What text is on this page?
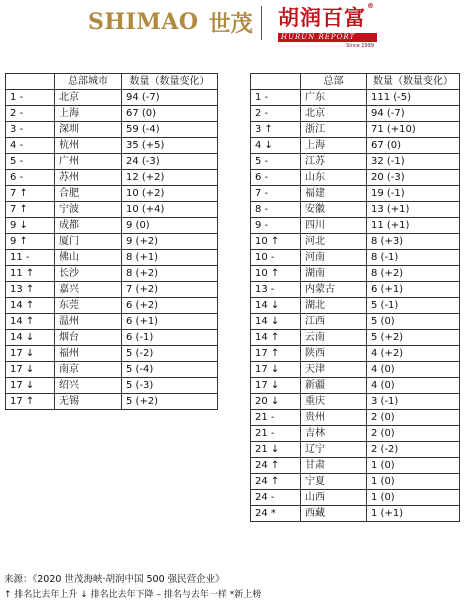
SHIMAO 世茂 胡润百富 ®
HURUN REPORT
Since 1999
	总部城市	数量（数量变化）
1 -	北京	94 (-7)
2 -	上海	67 (0)
3 -	深圳	59 (-4)
4 -	杭州	35 (+5)
5 -	广州	24 (-3)
6 -	苏州	12 (+2)
7 ↑	合肥	10 (+2)
7 ↑	宁波	10 (+4)
9 ↓	成都	9 (0)
9 ↑	厦门	9 (+2)
11 -	佛山	8 (+1)
11 ↑	长沙	8 (+2)
13 ↑	嘉兴	7 (+2)
14 ↑	东莞	6 (+2)
14 ↑	温州	6 (+1)
14 ↓	烟台	6 (-1)
17 ↓	福州	5 (-2)
17 ↓	南京	5 (-4)
17 ↓	绍兴	5 (-3)
17 ↑	无锡	5 (+2)
	总部	数量（数量变化）
1 -	广东	111 (-5)
2 -	北京	94 (-7)
3 ↑	浙江	71 (+10)
4 ↓	上海	67 (0)
5 -	江苏	32 (-1)
6 -	山东	20 (-3)
7 -	福建	19 (-1)
8 -	安徽	13 (+1)
9 -	四川	11 (+1)
10 ↑	河北	8 (+3)
10 -	河南	8 (-1)
10 ↑	湖南	8 (+2)
13 -	内蒙古	6 (+1)
14 ↓	湖北	5 (-1)
14 ↓	江西	5 (0)
14 ↑	云南	5 (+2)
17 ↑	陕西	4 (+2)
17 ↓	天津	4 (0)
17 ↓	新疆	4 (0)
20 ↓	重庆	3 (-1)
21 -	贵州	2 (0)
21 -	吉林	2 (0)
21 ↓	辽宁	2 (-2)
24 ↑	甘肃	1 (0)
24 ↑	宁夏	1 (0)
24 -	山西	1 (0)
24 *	西藏	1 (+1)
来源：《2020 世茂海峡·胡润中国 500 强民营企业》
↑ 排名比去年上升 ↓ 排名比去年下降 – 排名与去年一样 *新上榜
